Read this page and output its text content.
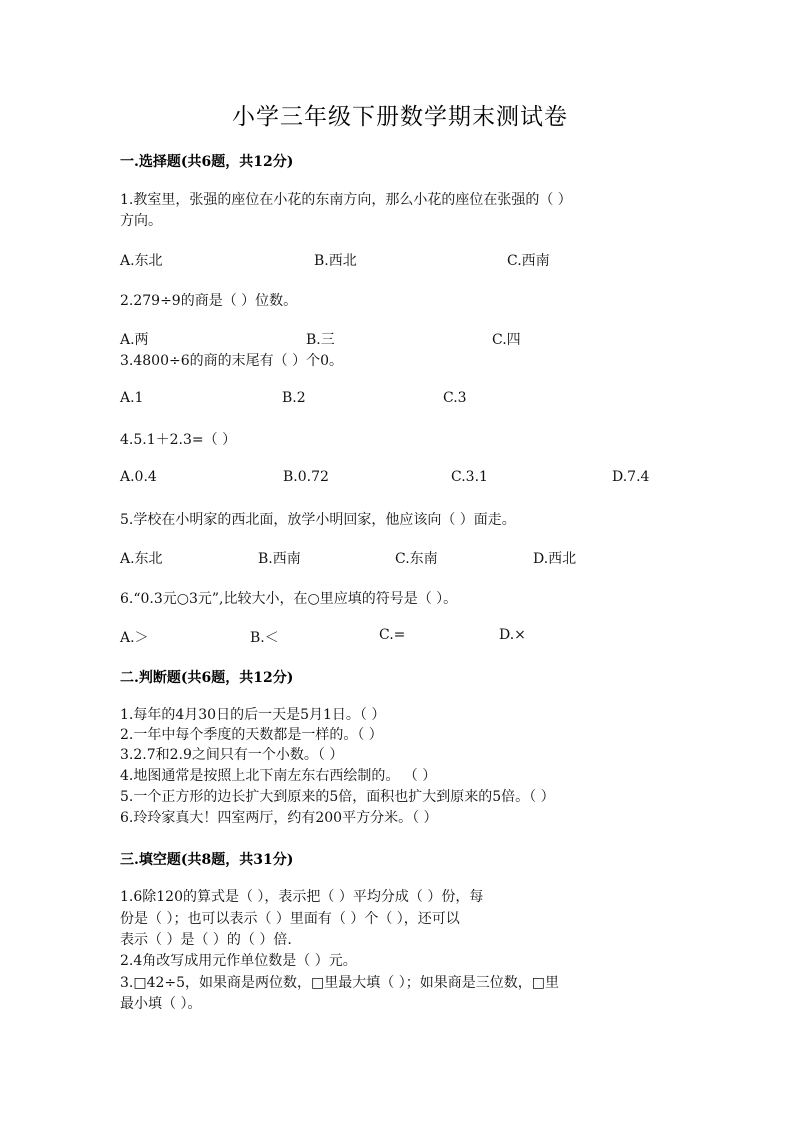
小学三年级下册数学期末测试卷
一.选择题(共6题，共12分)
1.教室里，张强的座位在小花的东南方向，那么小花的座位在张强的（ ）
方向。
A.东北	B.西北	C.西南
2.279÷9的商是（ ）位数。
A.两	B.三	C.四
3.4800÷6的商的末尾有（ ）个0。
A.1	B.2	C.3
4.5.1＋2.3=（ ）
A.0.4	B.0.72	C.3.1	D.7.4
5.学校在小明家的西北面，放学小明回家，他应该向（ ）面走。
A.东北	B.西南	C.东南	D.西北
6.“0.3元○3元”,比较大小，在○里应填的符号是（ ）。
A.＞	B.＜	C.=	D.×
二.判断题(共6题，共12分)
1.每年的4月30日的后一天是5月1日。（ ）
2.一年中每个季度的天数都是一样的。（ ）
3.2.7和2.9之间只有一个小数。（ ）
4.地图通常是按照上北下南左东右西绘制的。 （ ）
5.一个正方形的边长扩大到原来的5倍，面积也扩大到原来的5倍。（ ）
6.玲玲家真大！四室两厅，约有200平方分米。（ ）
三.填空题(共8题，共31分)
1.6除120的算式是（ ），表示把（ ）平均分成（ ）份，每
份是（ ）；也可以表示（ ）里面有（ ）个（ ），还可以
表示（ ）是（ ）的（ ）倍.
2.4角改写成用元作单位数是（ ）元。
3.□42÷5，如果商是两位数，□里最大填（ ）；如果商是三位数，□里
最小填（ ）。
